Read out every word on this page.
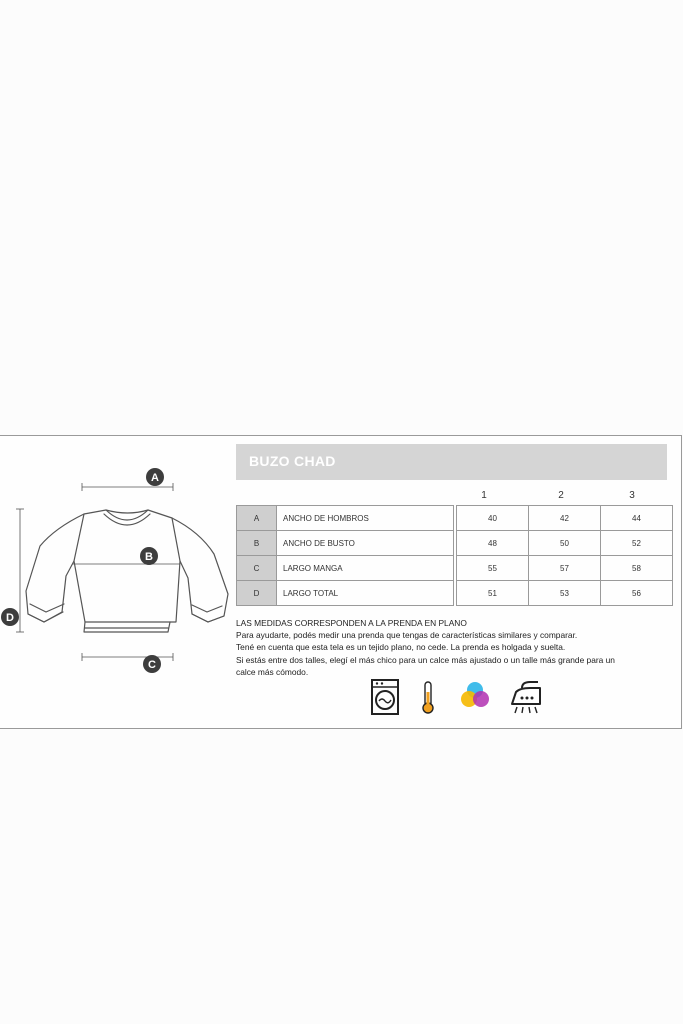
A
B
C
D
BUZO CHAD
1	2	3
A	ANCHO DE HOMBROS		40	42	44
B	ANCHO DE BUSTO		48	50	52
C	LARGO MANGA		55	57	58
D	LARGO TOTAL		51	53	56
LAS MEDIDAS CORRESPONDEN A LA PRENDA EN PLANO
Para ayudarte, podés medir una prenda que tengas de características similares y comparar.
Tené en cuenta que esta tela es un tejido plano, no cede. La prenda es holgada y suelta.
Si estás entre dos talles, elegí el más chico para un calce más ajustado o un talle más grande para un
calce más cómodo.
